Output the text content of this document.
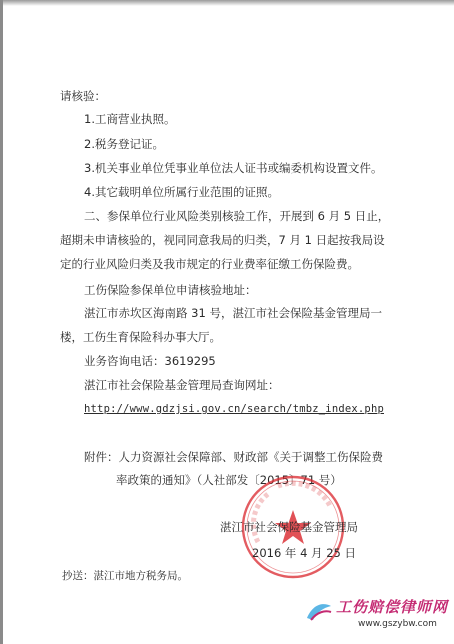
请核验：
1.工商营业执照。
2.税务登记证。
3.机关事业单位凭事业单位法人证书或编委机构设置文件。
4.其它载明单位所属行业范围的证照。
二、参保单位行业风险类别核验工作，开展到 6 月 5 日止，
超期未申请核验的，视同同意我局的归类，7 月 1 日起按我局设
定的行业风险归类及我市规定的行业费率征缴工伤保险费。
工伤保险参保单位申请核验地址：
湛江市赤坎区海南路 31 号，湛江市社会保险基金管理局一
楼，工伤生育保险科办事大厅。
业务咨询电话：3619295
湛江市社会保险基金管理局查询网址：
http://www.gdzjsi.gov.cn/search/tmbz_index.php
附件：人力资源社会保障部、财政部《关于调整工伤保险费
率政策的通知》（人社部发〔2015〕71 号）
湛江市社会保险基金管理局
2016 年 4 月 25 日
抄送：湛江市地方税务局。
工伤赔偿律师网
www.gszybw.com
